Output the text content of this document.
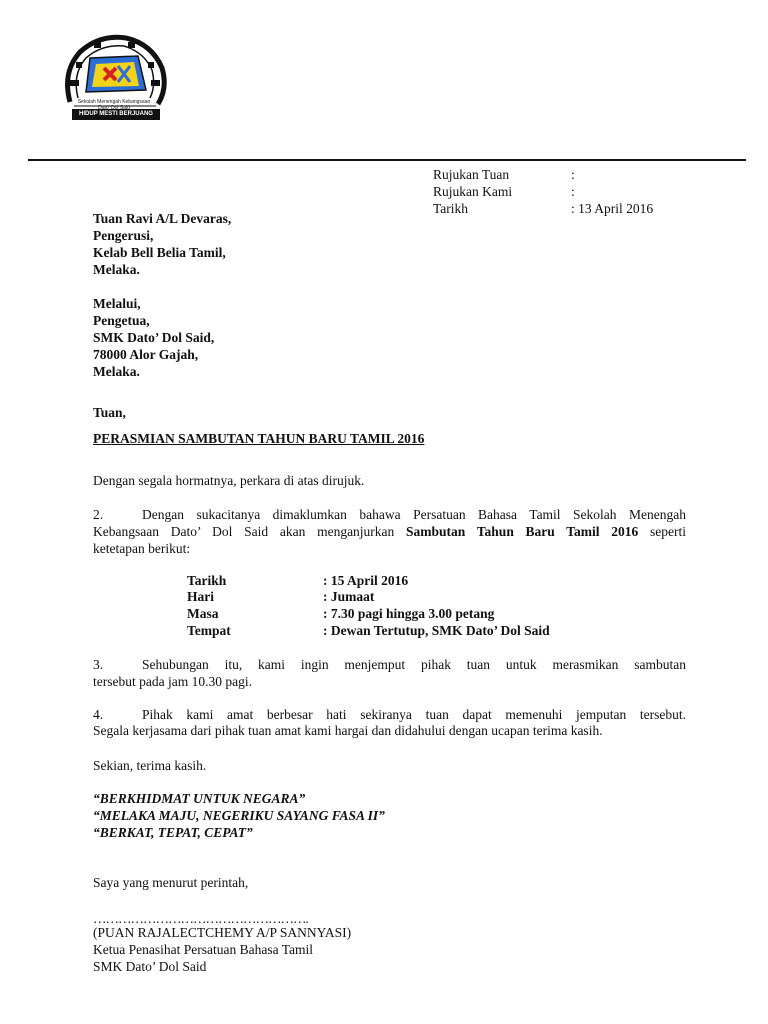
Sekolah Menengah Kebangsaan Dato' Dol Said
HIDUP MESTI BERJUANG
Rujukan Tuan	:
Rujukan Kami	:
Tarikh	: 13 April 2016
Tuan Ravi A/L Devaras,
Pengerusi,
Kelab Bell Belia Tamil,
Melaka.
Melalui,
Pengetua,
SMK Dato’ Dol Said,
78000 Alor Gajah,
Melaka.
Tuan,
PERASMIAN SAMBUTAN TAHUN BARU TAMIL 2016
Dengan segala hormatnya, perkara di atas dirujuk.
2.	Dengan sukacitanya dimaklumkan bahawa Persatuan Bahasa Tamil Sekolah Menengah
Kebangsaan Dato’ Dol Said akan menganjurkan Sambutan Tahun Baru Tamil 2016 seperti
ketetapan berikut:
Tarikh	: 15 April 2016
Hari	: Jumaat
Masa	: 7.30 pagi hingga 3.00 petang
Tempat	: Dewan Tertutup, SMK Dato’ Dol Said
3.	Sehubungan itu, kami ingin menjemput pihak tuan untuk merasmikan sambutan
tersebut pada jam 10.30 pagi.
4.	Pihak kami amat berbesar hati sekiranya tuan dapat memenuhi jemputan tersebut.
Segala kerjasama dari pihak tuan amat kami hargai dan didahului dengan ucapan terima kasih.
Sekian, terima kasih.
“BERKHIDMAT UNTUK NEGARA”
“MELAKA MAJU, NEGERIKU SAYANG FASA II”
“BERKAT, TEPAT, CEPAT”
Saya yang menurut perintah,
…………………………………………….
(PUAN RAJALECTCHEMY A/P SANNYASI)
Ketua Penasihat Persatuan Bahasa Tamil
SMK Dato’ Dol Said
